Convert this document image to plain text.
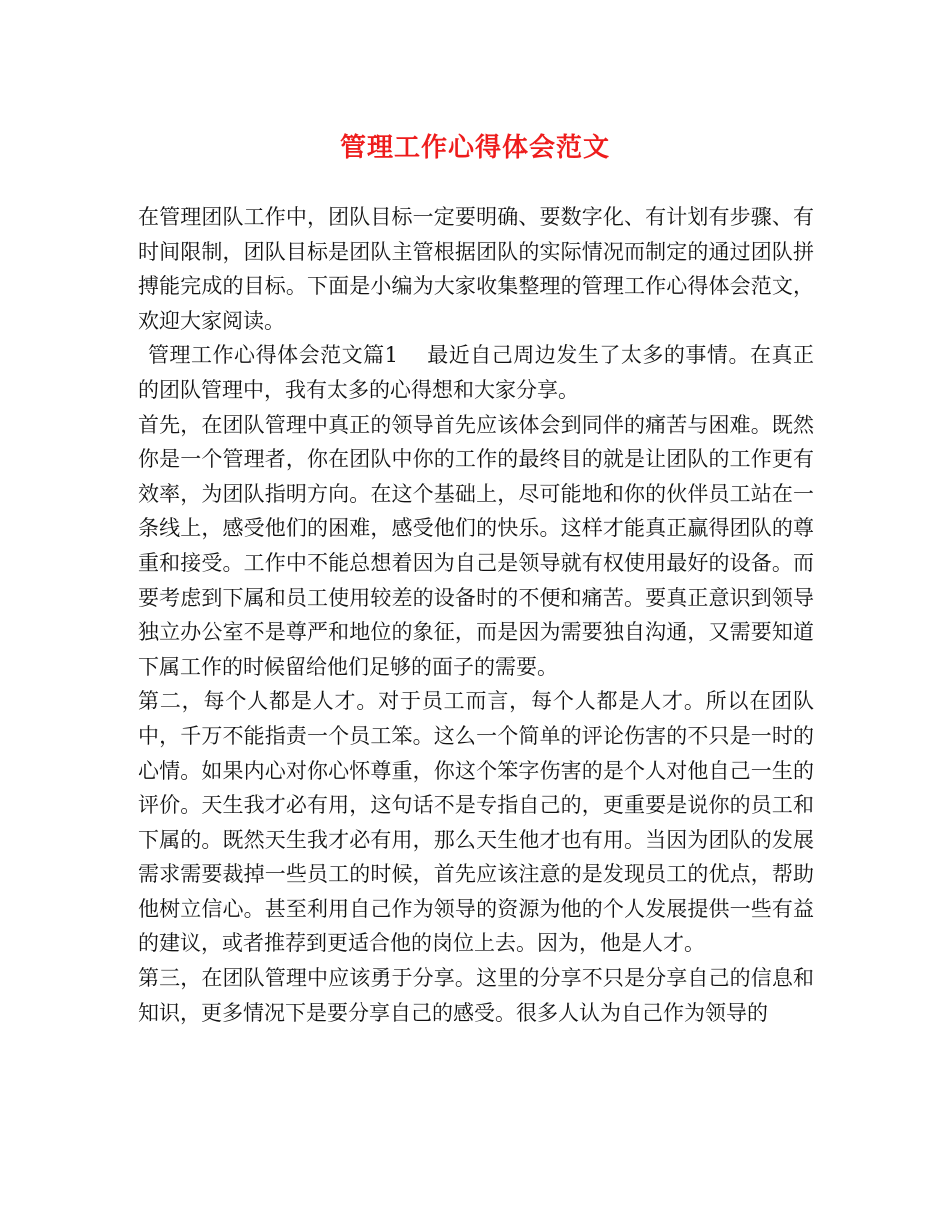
管理工作心得体会范文

在管理团队工作中，团队目标一定要明确、要数字化、有计划有步骤、有时间限制，团队目标是团队主管根据团队的实际情况而制定的通过团队拼搏能完成的目标。下面是小编为大家收集整理的管理工作心得体会范文，欢迎大家阅读。

管理工作心得体会范文篇1　 最近自己周边发生了太多的事情。在真正的团队管理中，我有太多的心得想和大家分享。

首先，在团队管理中真正的领导首先应该体会到同伴的痛苦与困难。既然你是一个管理者，你在团队中你的工作的最终目的就是让团队的工作更有效率，为团队指明方向。在这个基础上，尽可能地和你的伙伴员工站在一条线上，感受他们的困难，感受他们的快乐。这样才能真正赢得团队的尊重和接受。工作中不能总想着因为自己是领导就有权使用最好的设备。而要考虑到下属和员工使用较差的设备时的不便和痛苦。要真正意识到领导独立办公室不是尊严和地位的象征，而是因为需要独自沟通，又需要知道下属工作的时候留给他们足够的面子的需要。

第二，每个人都是人才。对于员工而言，每个人都是人才。所以在团队中，千万不能指责一个员工笨。这么一个简单的评论伤害的不只是一时的心情。如果内心对你心怀尊重，你这个笨字伤害的是个人对他自己一生的评价。天生我才必有用，这句话不是专指自己的，更重要是说你的员工和下属的。既然天生我才必有用，那么天生他才也有用。当因为团队的发展需求需要裁掉一些员工的时候，首先应该注意的是发现员工的优点，帮助他树立信心。甚至利用自己作为领导的资源为他的个人发展提供一些有益的建议，或者推荐到更适合他的岗位上去。因为，他是人才。

第三，在团队管理中应该勇于分享。这里的分享不只是分享自己的信息和知识，更多情况下是要分享自己的感受。很多人认为自己作为领导的
